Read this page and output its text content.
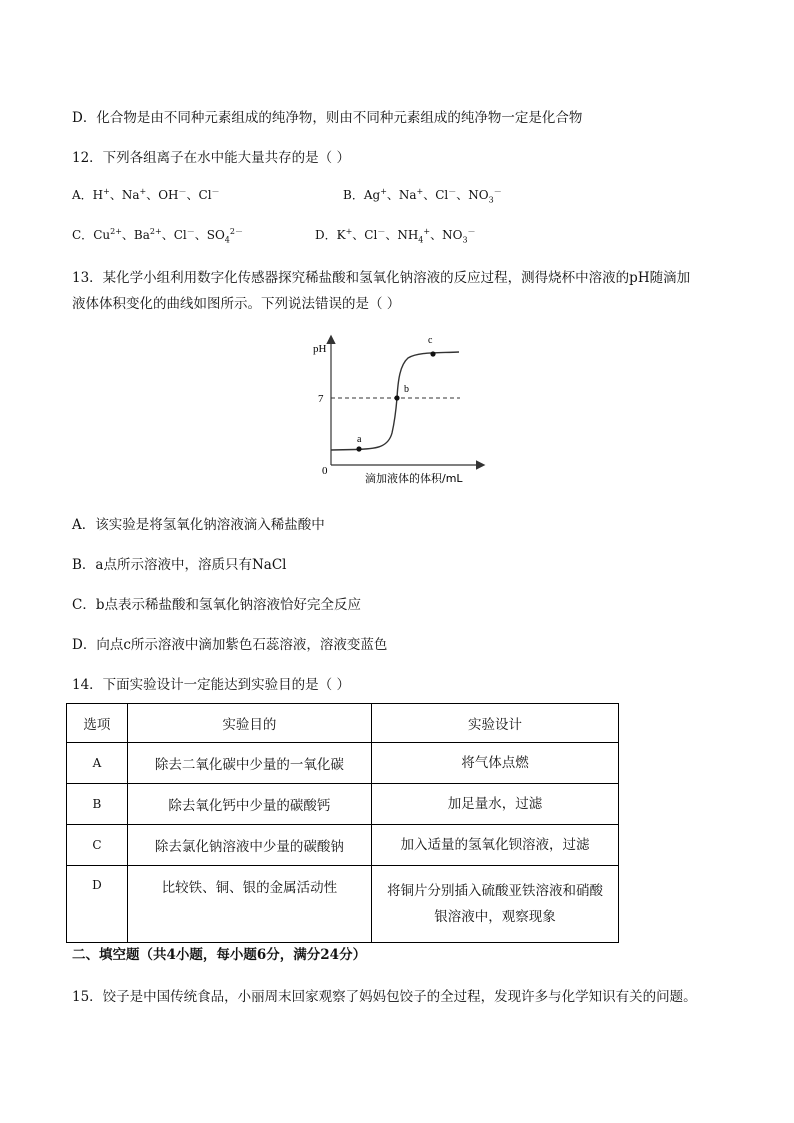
D．化合物是由不同种元素组成的纯净物，则由不同种元素组成的纯净物一定是化合物
12．下列各组离子在水中能大量共存的是（ ）
A．H+、Na+、OH－、Cl－	B．Ag+、Na+、Cl－、$NO_3^-$
C．$Cu^{2+}$、$Ba^{2+}$、Cl－、$SO_4^{2-}$	D．K+、Cl－、$NH_4^+$、$NO_3^-$
13．某化学小组利用数字化传感器探究稀盐酸和氢氧化钠溶液的反应过程，测得烧杯中溶液的pH随滴加
液体体积变化的曲线如图所示。下列说法错误的是（ ）
pH
7
0
滴加液体的体积/mL
a
b
c
A．该实验是将氢氧化钠溶液滴入稀盐酸中
B．a点所示溶液中，溶质只有NaCl
C．b点表示稀盐酸和氢氧化钠溶液恰好完全反应
D．向点c所示溶液中滴加紫色石蕊溶液，溶液变蓝色
14．下面实验设计一定能达到实验目的是（ ）
选项	实验目的	实验设计
A	除去二氧化碳中少量的一氧化碳	将气体点燃
B	除去氧化钙中少量的碳酸钙	加足量水，过滤
C	除去氯化钠溶液中少量的碳酸钠	加入适量的氢氧化钡溶液，过滤
D	比较铁、铜、银的金属活动性	将铜片分别插入硫酸亚铁溶液和硝酸
银溶液中，观察现象
二、填空题（共4小题，每小题6分，满分24分）
15．饺子是中国传统食品，小丽周末回家观察了妈妈包饺子的全过程，发现许多与化学知识有关的问题。
